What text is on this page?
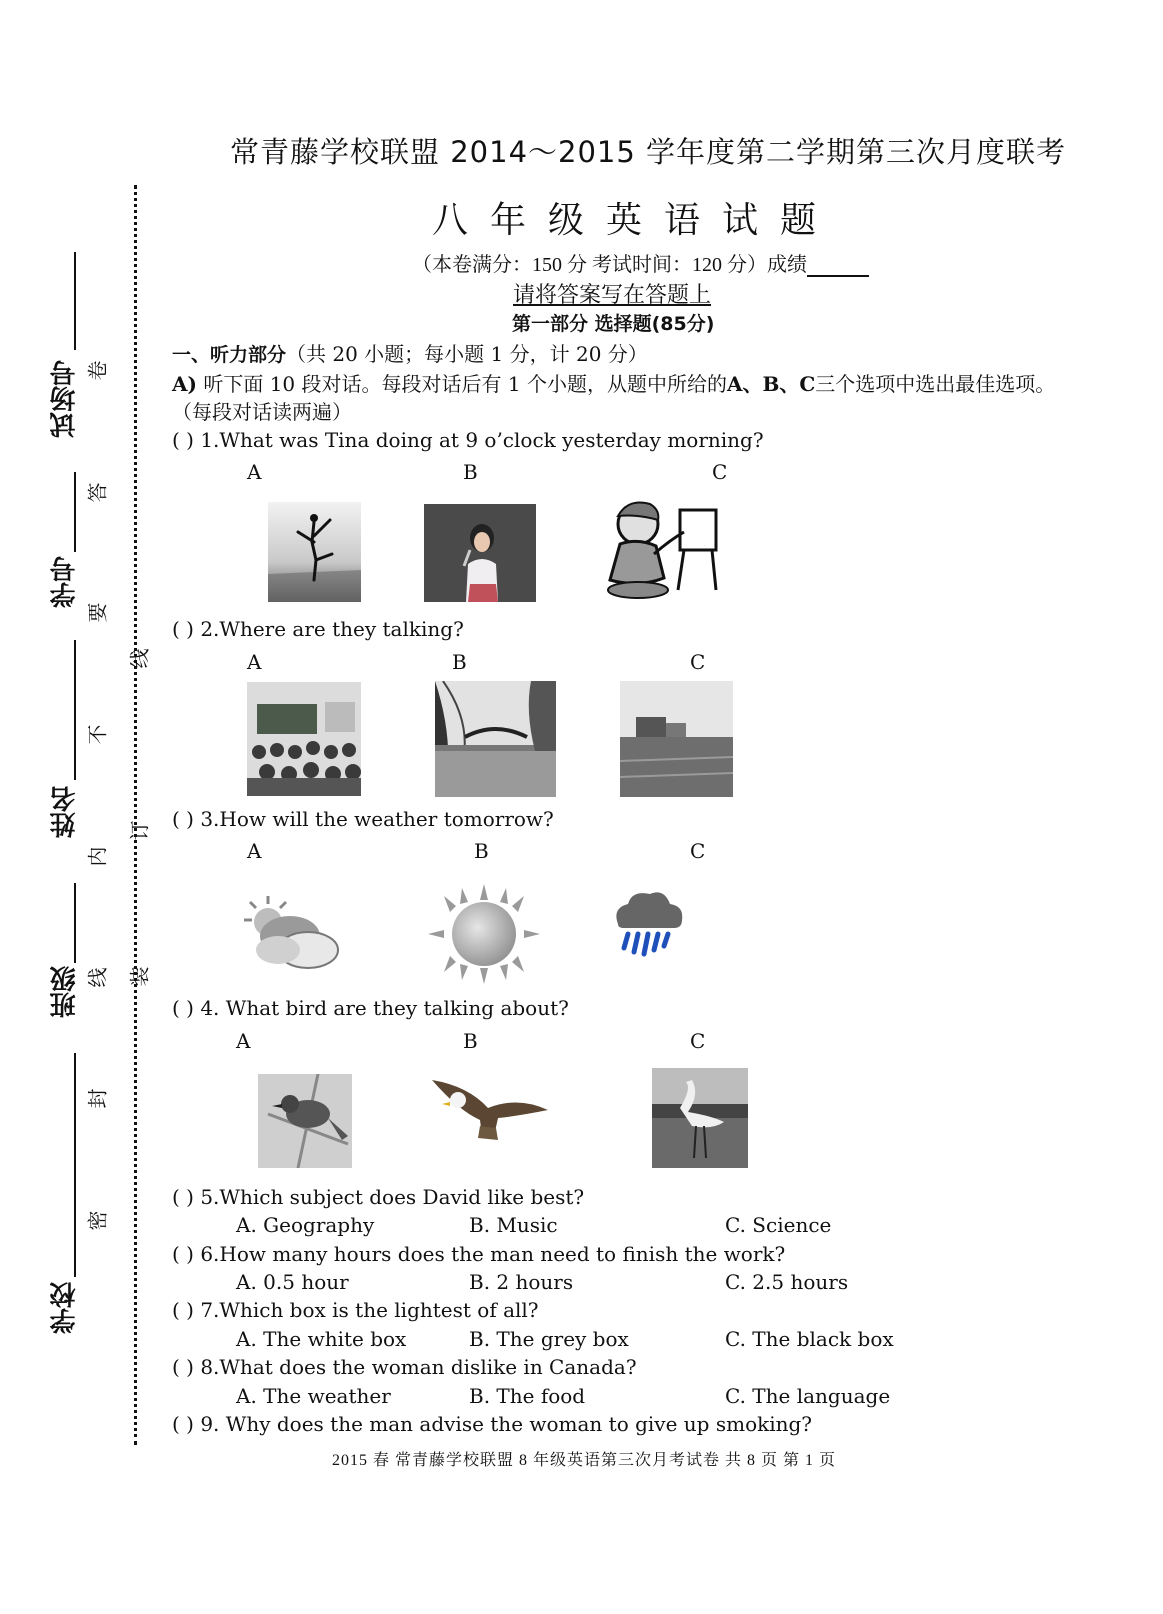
试场号
学号
姓名
班级
学校
卷
答
要
不
内
线
封
密
线
订
装
常青藤学校联盟 2014～2015 学年度第二学期第三次月度联考
八年级英语试题
（本卷满分：150 分 考试时间：120 分）成绩
请将答案写在答题上
第一部分 选择题(85分)
一、听力部分（共 20 小题；每小题 1 分，计 20 分）
A) 听下面 10 段对话。每段对话后有 1 个小题，从题中所给的A、B、C三个选项中选出最佳选项。
（每段对话读两遍）
( ) 1.What was Tina doing at 9 o’clock yesterday morning?
A	B	C
( ) 2.Where are they talking?
A	B	C
( ) 3.How will the weather tomorrow?
A	B	C
( ) 4. What bird are they talking about?
A	B	C
( ) 5.Which subject does David like best?
A. Geography	B. Music	C. Science
( ) 6.How many hours does the man need to finish the work?
A. 0.5 hour	B. 2 hours	C. 2.5 hours
( ) 7.Which box is the lightest of all?
A. The white box	B. The grey box	C. The black box
( ) 8.What does the woman dislike in Canada?
A. The weather	B. The food	C. The language
( ) 9. Why does the man advise the woman to give up smoking?
2015 春 常青藤学校联盟 8 年级英语第三次月考试卷 共 8 页 第 1 页
